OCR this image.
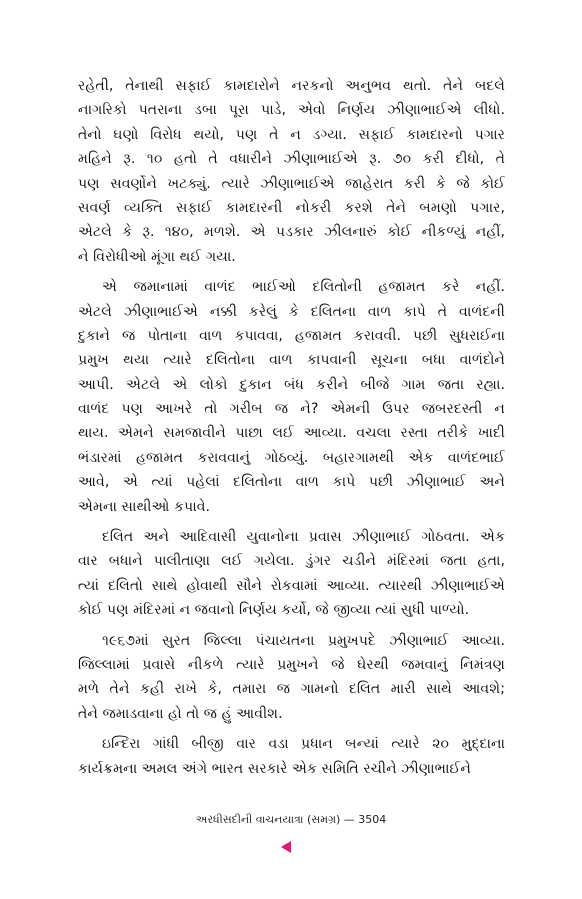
રહેતી, તેનાથી સફાઈ કામદારોને નરકનો અનુભવ થતો. તેને બદલે
નાગરિકો પતરાના ડબા પૂરા પાડે, એવો નિર્ણય ઝીણાભાઈએ લીધો.
તેનો ઘણો વિરોધ થયો, પણ તે ન ડગ્યા. સફાઈ કામદારનો પગાર
મહિને રૂ. ૧૦ હતો તે વધારીને ઝીણાભાઈએ રૂ. ૭૦ કરી દીધો, તે
પણ સવર્ણોને ખટક્યું. ત્યારે ઝીણાભાઈએ જાહેરાત કરી કે જે કોઈ
સવર્ણ વ્યક્તિ સફાઈ કામદારની નોકરી કરશે તેને બમણો પગાર,
એટલે કે રૂ. ૧૪૦, મળશે. એ પડકાર ઝીલનારું કોઈ નીકળ્યું નહીં,
ને વિરોધીઓ મૂંગા થઈ ગયા.
એ જમાનામાં વાળંદ ભાઈઓ દલિતોની હજામત કરે નહીં.
એટલે ઝીણાભાઈએ નક્કી કરેલું કે દલિતના વાળ કાપે તે વાળંદની
દુકાને જ પોતાના વાળ કપાવવા, હજામત કરાવવી. પછી સુધરાઈના
પ્રમુખ થયા ત્યારે દલિતોના વાળ કાપવાની સૂચના બધા વાળંદોને
આપી. એટલે એ લોકો દુકાન બંધ કરીને બીજે ગામ જતા રહ્યા.
વાળંદ પણ આખરે તો ગરીબ જ ને? એમની ઉપર જબરદસ્તી ન
થાય. એમને સમજાવીને પાછા લઈ આવ્યા. વચલા રસ્તા તરીકે ખાદી
ભંડારમાં હજામત કરાવવાનું ગોઠવ્યું. બહારગામથી એક વાળંદભાઈ
આવે, એ ત્યાં પહેલાં દલિતોના વાળ કાપે પછી ઝીણાભાઈ અને
એમના સાથીઓ કપાવે.
દલિત અને આદિવાસી યુવાનોના પ્રવાસ ઝીણાભાઈ ગોઠવતા. એક
વાર બધાને પાલીતાણા લઈ ગયેલા. ડુંગર ચડીને મંદિરમાં જતા હતા,
ત્યાં દલિતો સાથે હોવાથી સૌને રોકવામાં આવ્યા. ત્યારથી ઝીણાભાઈએ
કોઈ પણ મંદિરમાં ન જવાનો નિર્ણય કર્યો, જે જીવ્યા ત્યાં સુધી પાળ્યો.
૧૯૬૭માં સુરત જિલ્લા પંચાયતના પ્રમુખપદે ઝીણાભાઈ આવ્યા.
જિલ્લામાં પ્રવાસે નીકળે ત્યારે પ્રમુખને જે ઘેરથી જમવાનું નિમંત્રણ
મળે તેને કહી રાખે કે, તમારા જ ગામનો દલિત મારી સાથે આવશે;
તેને જમાડવાના હો તો જ હું આવીશ.
ઇન્દિરા ગાંધી બીજી વાર વડા પ્રધાન બન્યાં ત્યારે ૨૦ મુદ્દાના
કાર્યક્રમના અમલ અંગે ભારત સરકારે એક સમિતિ રચીને ઝીણાભાઈને
અરધીસદીની વાચનયાત્રા (સમગ્ર) — 3504
